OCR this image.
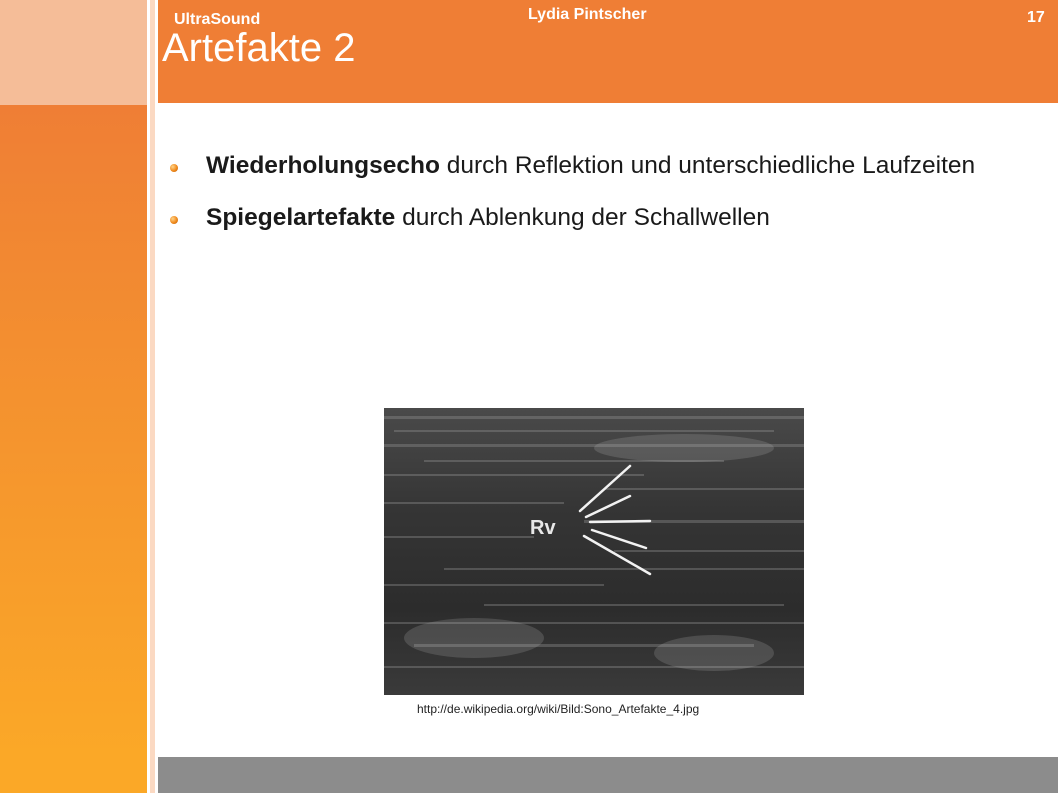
Artefakte 2
Wiederholungsecho durch Reflektion und unterschiedliche Laufzeiten
Spiegelartefakte durch Ablenkung der Schallwellen
Rv
http://de.wikipedia.org/wiki/Bild:Sono_Artefakte_4.jpg
UltraSound	Lydia Pintscher	17
